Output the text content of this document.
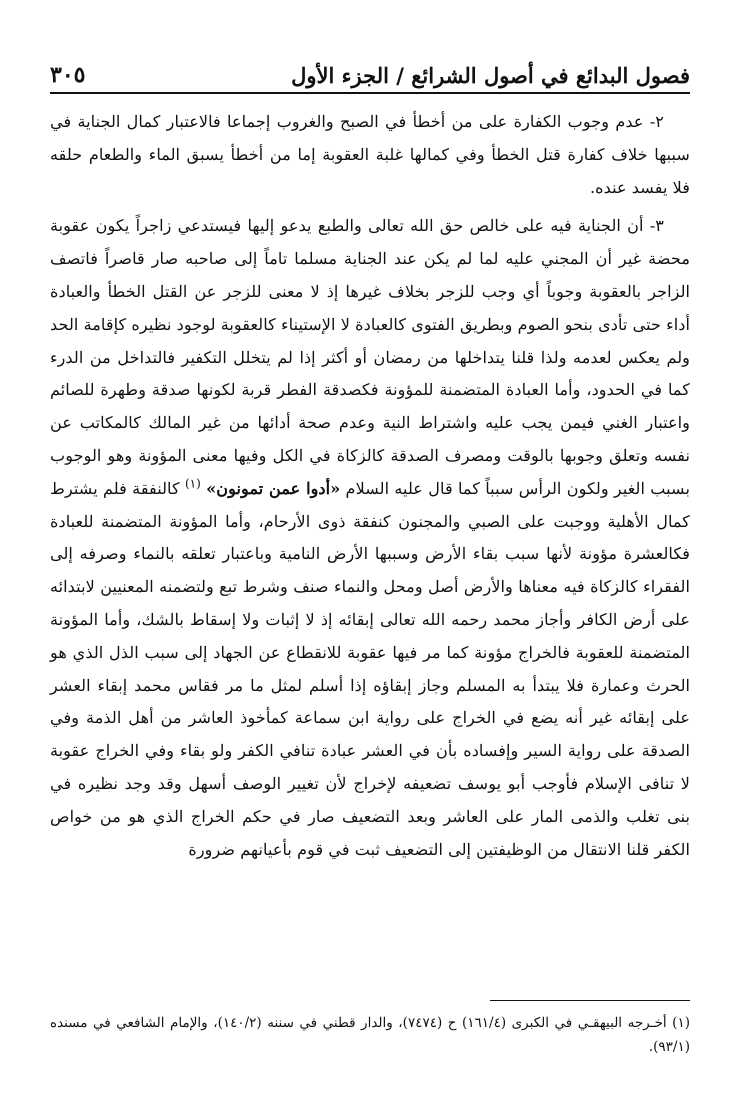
فصول البدائع في أصول الشرائع / الجزء الأول
٣٠٥

٢- عدم وجوب الكفارة على من أخطأ في الصبح والغروب إجماعا فالاعتبار كمال الجناية في سببها خلاف كفارة قتل الخطأ وفي كمالها غلبة العقوبة إما من أخطأ يسبق الماء والطعام حلقه فلا يفسد عنده.

٣- أن الجناية فيه على خالص حق الله تعالى والطبع يدعو إليها فيستدعي زاجراً يكون عقوبة محضة غير أن المجني عليه لما لم يكن عند الجناية مسلما تاماً إلى صاحبه صار قاصراً فاتصف الزاجر بالعقوبة وجوباً أي وجب للزجر بخلاف غيرها إذ لا معنى للزجر عن القتل الخطأ والعبادة أداء حتى تأدى بنحو الصوم وبطريق الفتوى كالعبادة لا الإستيناء كالعقوبة لوجود نظيره كإقامة الحد ولم يعكس لعدمه ولذا قلنا يتداخلها من رمضان أو أكثر إذا لم يتخلل التكفير فالتداخل من الدرء كما في الحدود، وأما العبادة المتضمنة للمؤونة فكصدقة الفطر قربة لكونها صدقة وطهرة للصائم واعتبار الغني فيمن يجب عليه واشتراط النية وعدم صحة أدائها من غير المالك كالمكاتب عن نفسه وتعلق وجوبها بالوقت ومصرف الصدقة كالزكاة في الكل وفيها معنى المؤونة وهو الوجوب بسبب الغير ولكون الرأس سبباً كما قال عليه السلام «أدوا عمن تمونون» $^{(١)}$ كالنفقة فلم يشترط كمال الأهلية ووجبت على الصبي والمجنون كنفقة ذوى الأرحام، وأما المؤونة المتضمنة للعبادة فكالعشرة مؤونة لأنها سبب بقاء الأرض وسببها الأرض النامية وباعتبار تعلقه بالنماء وصرفه إلى الفقراء كالزكاة فيه معناها والأرض أصل ومحل والنماء صنف وشرط تبع ولتضمنه المعنيين لابتدائه على أرض الكافر وأجاز محمد رحمه الله تعالى إبقائه إذ لا إثبات ولا إسقاط بالشك، وأما المؤونة المتضمنة للعقوبة فالخراج مؤونة كما مر فيها عقوبة للانقطاع عن الجهاد إلى سبب الذل الذي هو الحرث وعمارة فلا يبتدأ به المسلم وجاز إبقاؤه إذا أسلم لمثل ما مر فقاس محمد إبقاء العشر على إبقائه غير أنه يضع في الخراج على رواية ابن سماعة كمأخوذ العاشر من أهل الذمة وفي الصدقة على رواية السير وإفساده بأن في العشر عبادة تنافي الكفر ولو بقاء وفي الخراج عقوبة لا تنافى الإسلام فأوجب أبو يوسف تضعيفه لإخراج لأن تغيير الوصف أسهل وقد وجد نظيره في بنى تغلب والذمى المار على العاشر وبعد التضعيف صار في حكم الخراج الذي هو من خواص الكفر قلنا الانتقال من الوظيفتين إلى التضعيف ثبت في قوم بأعيانهم ضرورة

(١) أخـرجه البيهقـي في الكبرى (١٦١/٤) ح (٧٤٧٤)، والدار قطني في سننه (١٤٠/٢)، والإمام الشافعي في مسنده (٩٣/١).
